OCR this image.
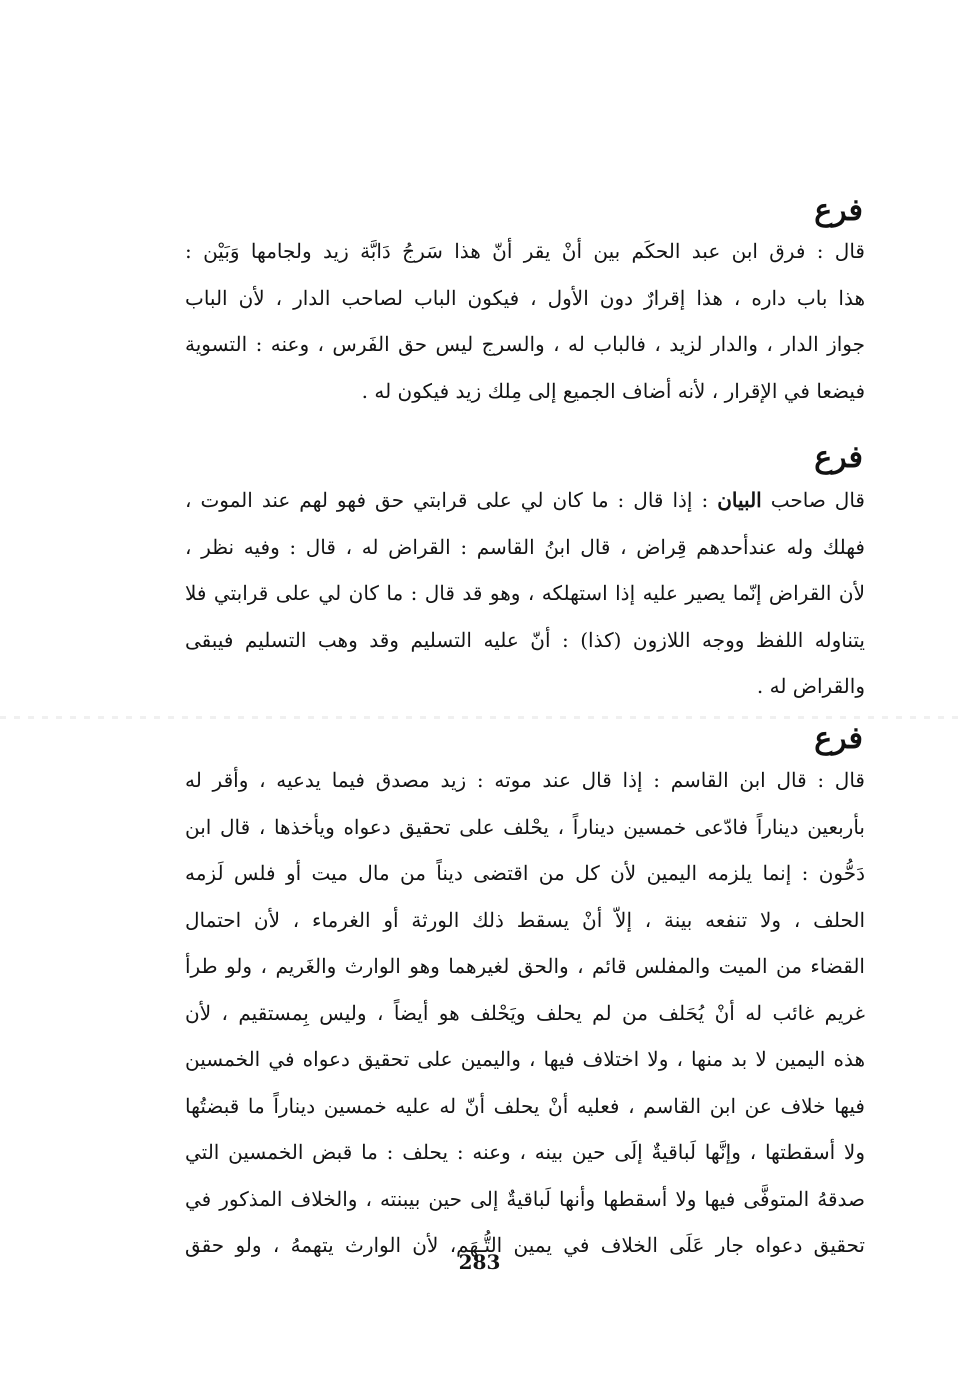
فرع
قال : فرق ابن عبد الحكَم بين أنْ يقر أنّ هذا سَرجُ دَابَّة زيد ولجامها وَبَيْن :
هذا باب داره ، هذا إقرارٌ دون الأول ، فيكون الباب لصاحب الدار ، لأن الباب
جواز الدار ، والدار لزيد ، فالباب له ، والسرج ليس حق الفَرس ، وعنه : التسوية
فيضعا في الإقرار ، لأنه أضاف الجميع إلى مِلك زيد فيكون له .
فرع
قال صاحب البيان : إذا قال : ما كان لي على قرابتي حق فهو لهم عند الموت ،
فهلك وله عندأحدهم قِراض ، قال ابنُ القاسم : القراض له ، قال : وفيه نظر ،
لأن القراض إنّما يصير عليه إذا استهلكه ، وهو قد قال : ما كان لي على قرابتي فلا
يتناوله اللفظ ووجه اللازون (كذا) : أنّ عليه التسليم وقد وهب التسليم فيبقى
والقراض له .
فرع
قال : قال ابن القاسم : إذا قال عند موته : زيد مصدق فيما يدعيه ، وأقر له
بأربعين ديناراً فادّعى خمسين ديناراً ، يحْلف على تحقيق دعواه ويأخذها ، قال ابن
دَحُّون : إنما يلزمه اليمين لأن كل من اقتضى ديناً من مال ميت أو فلس لَزمه
الحلف ، ولا تنفعه بينة ، إلاّ أنْ يسقط ذلك الورثة أو الغرماء ، لأن احتمال
القضاء من الميت والمفلس قائم ، والحق لغيرهما وهو الوارث والغَريم ، ولو طرأ
غريم غائب له أنْ يُحَلف من لم يحلف ويَحْلف هو أيضاً ، وليس بِمستقيم ، لأن
هذه اليمين لا بد منها ، ولا اختلاف فيها ، واليمين على تحقيق دعواه في الخمسين
فيها خلاف عن ابن القاسم ، فعليه أنْ يحلف أنّ له عليه خمسين ديناراً ما قبضتُها
ولا أسقطتها ، وإنَّها لَباقيةٌ إلَى حين بينه ، وعنه : يحلف : ما قبض الخمسين التي
صدقهُ المتوفَّى فيها ولا أسقطها وأنها لَباقيةٌ إلى حين بيبنته ، والخلاف المذكور في
تحقيق دعواه جار عَلَى الخلاف في يمين التُّـهَم، لأن الوارث يتهمهُ ، ولو حقق
283
